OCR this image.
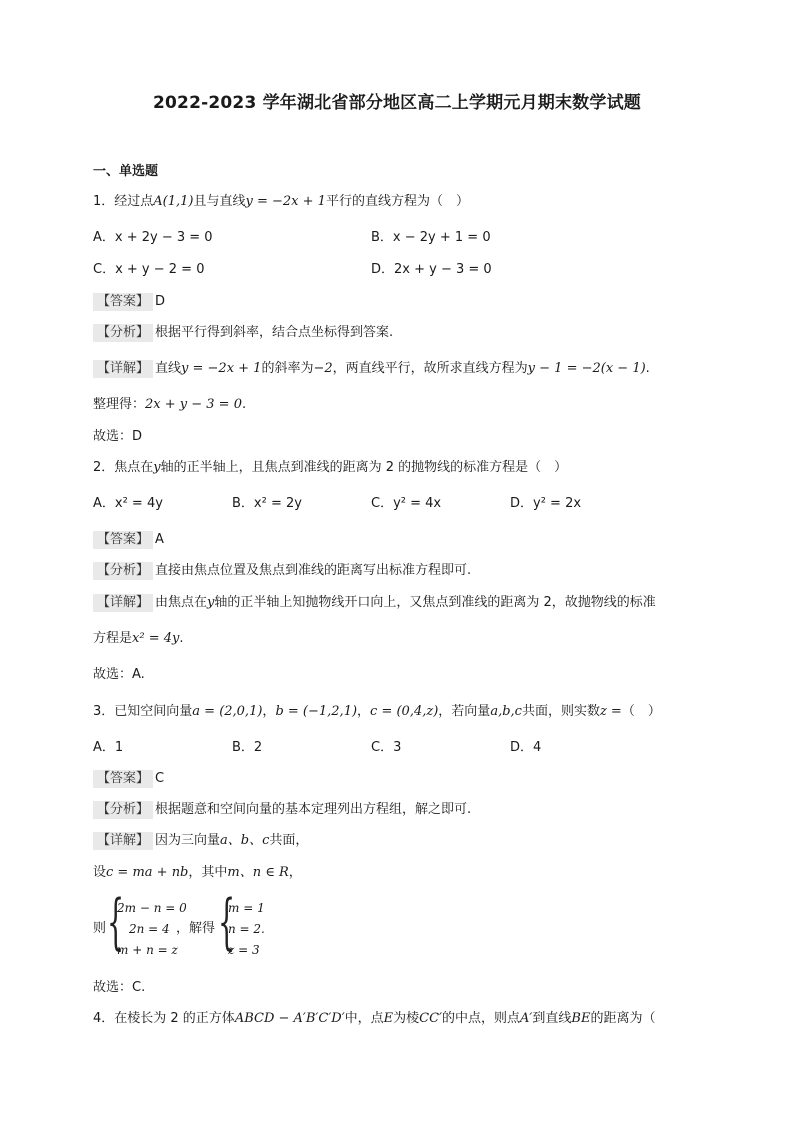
2022-2023 学年湖北省部分地区高二上学期元月期末数学试题
一、单选题
1．经过点A(1,1)且与直线y = −2x + 1平行的直线方程为（　）
A．x + 2y − 3 = 0	B．x − 2y + 1 = 0
C．x + y − 2 = 0	D．2x + y − 3 = 0
【答案】 D
【分析】 根据平行得到斜率，结合点坐标得到答案.
【详解】 直线y = −2x + 1的斜率为−2，两直线平行，故所求直线方程为y − 1 = −2(x − 1).
整理得：2x + y − 3 = 0.
故选：D
2．焦点在y轴的正半轴上，且焦点到准线的距离为 2 的抛物线的标准方程是（　）
A．x² = 4y	B．x² = 2y	C．y² = 4x	D．y² = 2x
【答案】 A
【分析】 直接由焦点位置及焦点到准线的距离写出标准方程即可.
【详解】 由焦点在y轴的正半轴上知抛物线开口向上，又焦点到准线的距离为 2，故抛物线的标准
方程是x² = 4y.
故选：A.
3．已知空间向量a = (2,0,1)，b = (−1,2,1)，c = (0,4,z)，若向量a,b,c共面，则实数z =（　）
A．1	B．2	C．3	D．4
【答案】 C
【分析】 根据题意和空间向量的基本定理列出方程组，解之即可.
【详解】 因为三向量a、b、c共面，
设c = ma + nb，其中m、n ∈ R，
则 {
2m − n = 0
2n = 4
m + n = z
，解得 {
m = 1
n = 2.
z = 3
故选：C.
4．在棱长为 2 的正方体ABCD − A′B′C′D′中，点E为棱CC′的中点，则点A′到直线BE的距离为（
